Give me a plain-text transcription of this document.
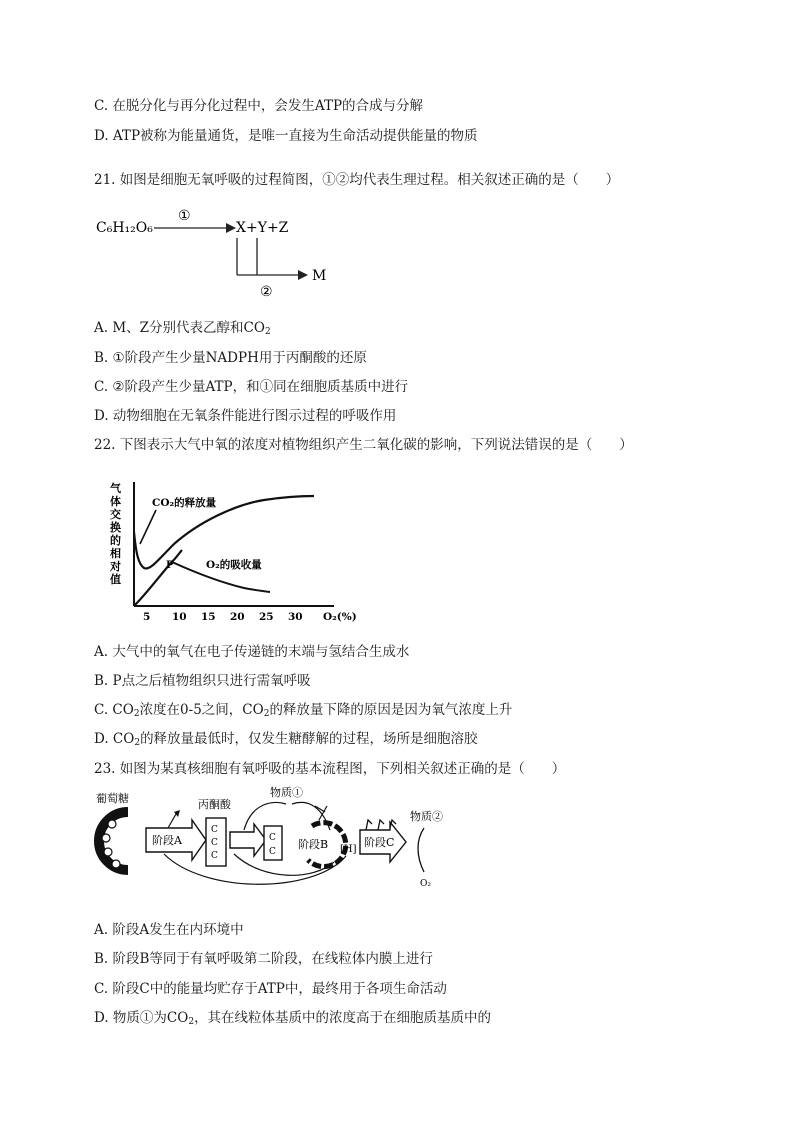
C. 在脱分化与再分化过程中，会发生ATP的合成与分解
D. ATP被称为能量通货，是唯一直接为生命活动提供能量的物质
21. 如图是细胞无氧呼吸的过程简图，①②均代表生理过程。相关叙述正确的是（　　）
C₆H₁₂O₆
①
X+Y+Z
M
②
A. M、Z分别代表乙醇和$CO_2$
B. ①阶段产生少量NADPH用于丙酮酸的还原
C. ②阶段产生少量ATP，和①同在细胞质基质中进行
D. 动物细胞在无氧条件能进行图示过程的呼吸作用
22. 下图表示大气中氧的浓度对植物组织产生二氧化碳的影响，下列说法错误的是（　　）
气体交换的相对值
CO₂的释放量
P	O₂的吸收量
5 10 15 20 25 30 O₂(%)
A. 大气中的氧气在电子传递链的末端与氢结合生成水
B. P点之后植物组织只进行需氧呼吸
C. $CO_2$浓度在0-5之间，$CO_2$的释放量下降的原因是因为氧气浓度上升
D. $CO_2$的释放量最低时，仅发生糖酵解的过程，场所是细胞溶胶
23. 如图为某真核细胞有氧呼吸的基本流程图，下列相关叙述正确的是（　　）
葡萄糖
阶段A
丙酮酸
C
C
C
物质①
C
C
阶段B [H]
阶段C
物质②
O₂
A. 阶段A发生在内环境中
B. 阶段B等同于有氧呼吸第二阶段，在线粒体内膜上进行
C. 阶段C中的能量均贮存于ATP中，最终用于各项生命活动
D. 物质①为$CO_2$，其在线粒体基质中的浓度高于在细胞质基质中的
